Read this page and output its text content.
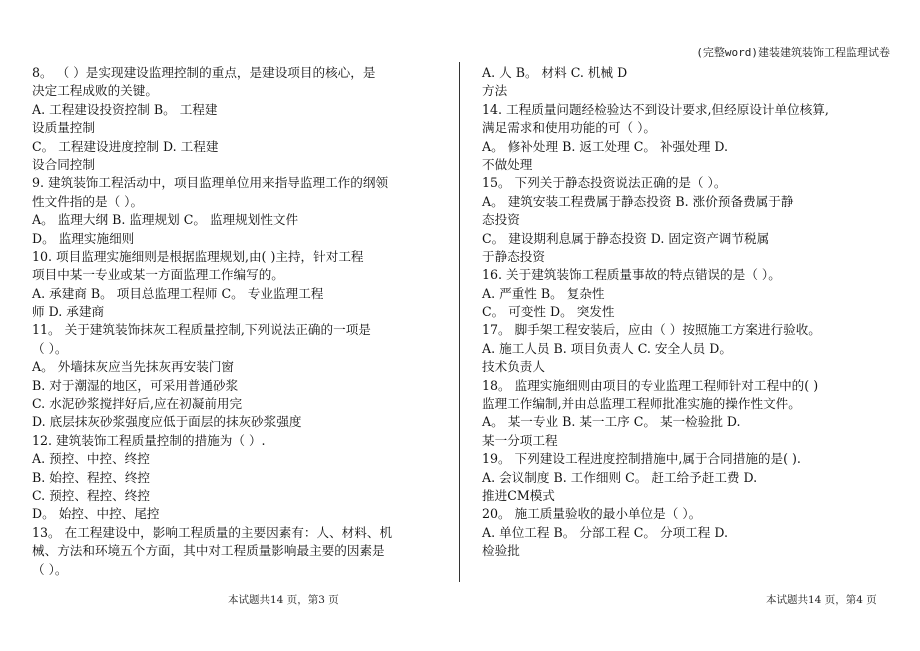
(完整word)建装建筑装饰工程监理试卷
8。 （ ）是实现建设监理控制的重点，是建设项目的核心，是
决定工程成败的关键。
A. 工程建设投资控制 B。 工程建
设质量控制
C。 工程建设进度控制 D. 工程建
设合同控制
9. 建筑装饰工程活动中，项目监理单位用来指导监理工作的纲领
性文件指的是（ ）。
A。 监理大纲 B. 监理规划 C。 监理规划性文件
D。 监理实施细则
10. 项目监理实施细则是根据监理规划,由( )主持，针对工程
项目中某一专业或某一方面监理工作编写的。
A. 承建商 B。 项目总监理工程师 C。 专业监理工程
师 D. 承建商
11。 关于建筑装饰抹灰工程质量控制,下列说法正确的一项是
（ ）。
A。 外墙抹灰应当先抹灰再安装门窗
B. 对于潮湿的地区，可采用普通砂浆
C. 水泥砂浆搅拌好后,应在初凝前用完
D. 底层抹灰砂浆强度应低于面层的抹灰砂浆强度
12. 建筑装饰工程质量控制的措施为（ ）.
A. 预控、中控、终控
B. 始控、程控、终控
C. 预控、程控、终控
D。 始控、中控、尾控
13。 在工程建设中，影响工程质量的主要因素有：人、材料、机
械、方法和环境五个方面，其中对工程质量影响最主要的因素是
（ ）。
A. 人 B。 材料 C. 机械 D
方法
14. 工程质量问题经检验达不到设计要求,但经原设计单位核算,
满足需求和使用功能的可（ ）。
A。 修补处理 B. 返工处理 C。 补强处理 D.
不做处理
15。 下列关于静态投资说法正确的是（ ）。
A。 建筑安装工程费属于静态投资 B. 涨价预备费属于静
态投资
C。 建设期利息属于静态投资 D. 固定资产调节税属
于静态投资
16. 关于建筑装饰工程质量事故的特点错误的是（ ）。
A. 严重性 B。 复杂性
C。 可变性 D。 突发性
17。 脚手架工程安装后，应由（ ）按照施工方案进行验收。
A. 施工人员 B. 项目负责人 C. 安全人员 D。
技术负责人
18。 监理实施细则由项目的专业监理工程师针对工程中的( )
监理工作编制,并由总监理工程师批准实施的操作性文件。
A。 某一专业 B. 某一工序 C。 某一检验批 D.
某一分项工程
19。 下列建设工程进度控制措施中,属于合同措施的是( ).
A. 会议制度 B. 工作细则 C。 赶工给予赶工费 D.
推进CM模式
20。 施工质量验收的最小单位是（ ）。
A. 单位工程 B。 分部工程 C。 分项工程 D.
检验批
本试题共14 页，第3 页	本试题共14 页，第4 页
